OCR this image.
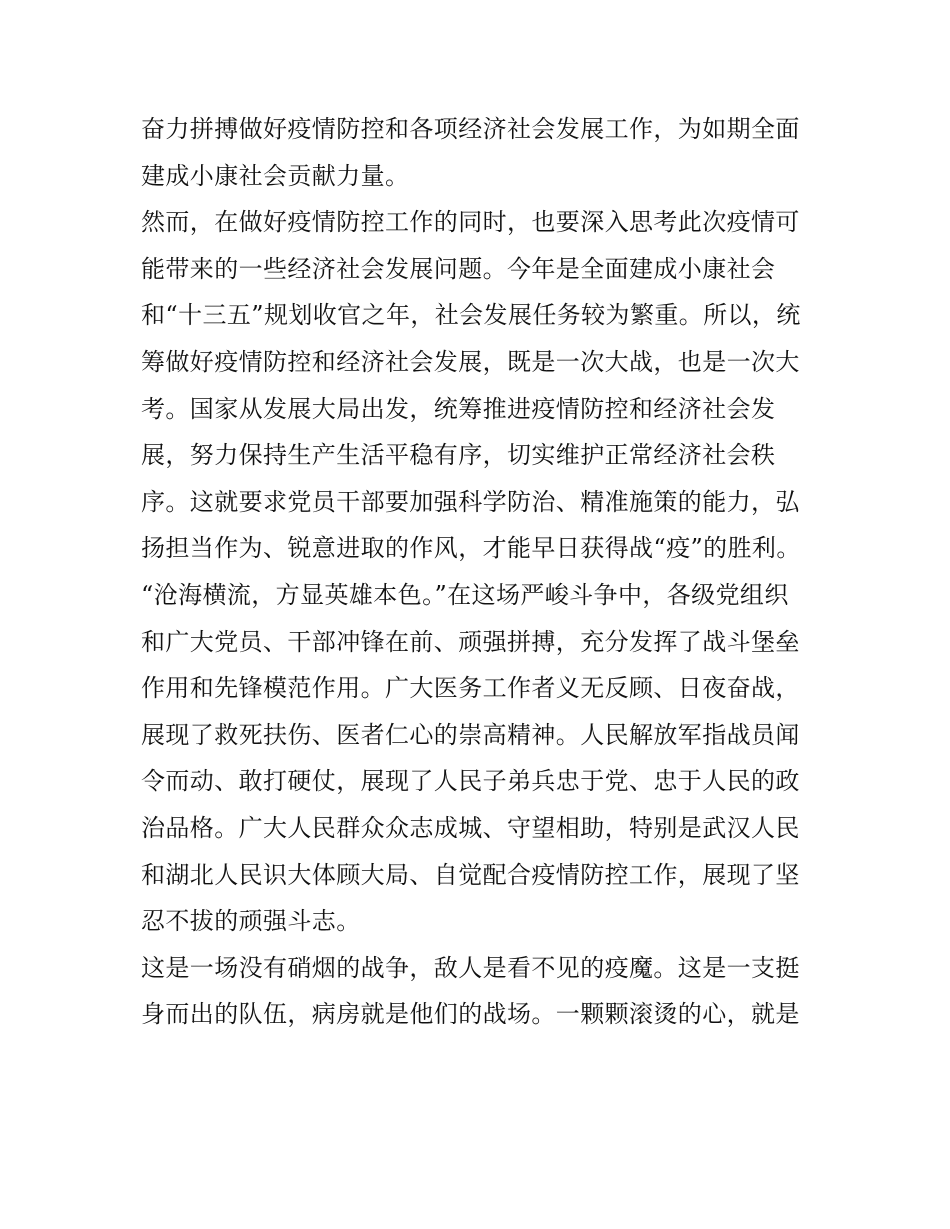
奋力拼搏做好疫情防控和各项经济社会发展工作，为如期全面
建成小康社会贡献力量。
然而，在做好疫情防控工作的同时，也要深入思考此次疫情可
能带来的一些经济社会发展问题。今年是全面建成小康社会
和“十三五”规划收官之年，社会发展任务较为繁重。所以，统
筹做好疫情防控和经济社会发展，既是一次大战，也是一次大
考。国家从发展大局出发，统筹推进疫情防控和经济社会发
展，努力保持生产生活平稳有序，切实维护正常经济社会秩
序。这就要求党员干部要加强科学防治、精准施策的能力，弘
扬担当作为、锐意进取的作风，才能早日获得战“疫”的胜利。
“沧海横流，方显英雄本色。”在这场严峻斗争中，各级党组织
和广大党员、干部冲锋在前、顽强拼搏，充分发挥了战斗堡垒
作用和先锋模范作用。广大医务工作者义无反顾、日夜奋战，
展现了救死扶伤、医者仁心的崇高精神。人民解放军指战员闻
令而动、敢打硬仗，展现了人民子弟兵忠于党、忠于人民的政
治品格。广大人民群众众志成城、守望相助，特别是武汉人民
和湖北人民识大体顾大局、自觉配合疫情防控工作，展现了坚
忍不拔的顽强斗志。
这是一场没有硝烟的战争，敌人是看不见的疫魔。这是一支挺
身而出的队伍，病房就是他们的战场。一颗颗滚烫的心，就是
